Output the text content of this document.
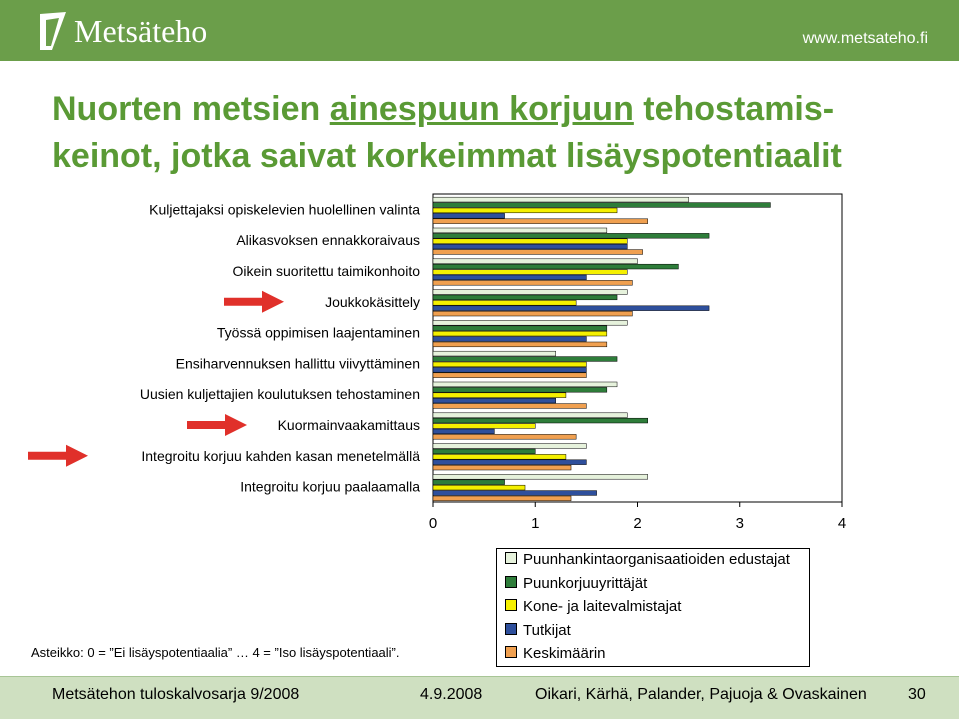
Metsäteho	www.metsateho.fi
Nuorten metsien ainespuun korjuun tehostamis-keinot, jotka saivat korkeimmat lisäyspotentiaalit
Kuljettajaksi opiskelevien huolellinen valinta
Alikasvoksen ennakkoraivaus
Oikein suoritettu taimikonhoito
Joukkokäsittely
Työssä oppimisen laajentaminen
Ensiharvennuksen hallittu viivyttäminen
Uusien kuljettajien koulutuksen tehostaminen
Kuormainvaakamittaus
Integroitu korjuu kahden kasan menetelmällä
Integroitu korjuu paalaamalla
0	1	2	3	4
Puunhankintaorganisaatioiden edustajat
Puunkorjuuyrittäjät
Kone- ja laitevalmistajat
Tutkijat
Keskimäärin
Asteikko: 0 = ”Ei lisäyspotentiaalia” … 4 = ”Iso lisäyspotentiaali”.
Metsätehon tuloskalvosarja 9/2008	4.9.2008	Oikari, Kärhä, Palander, Pajuoja & Ovaskainen	30
